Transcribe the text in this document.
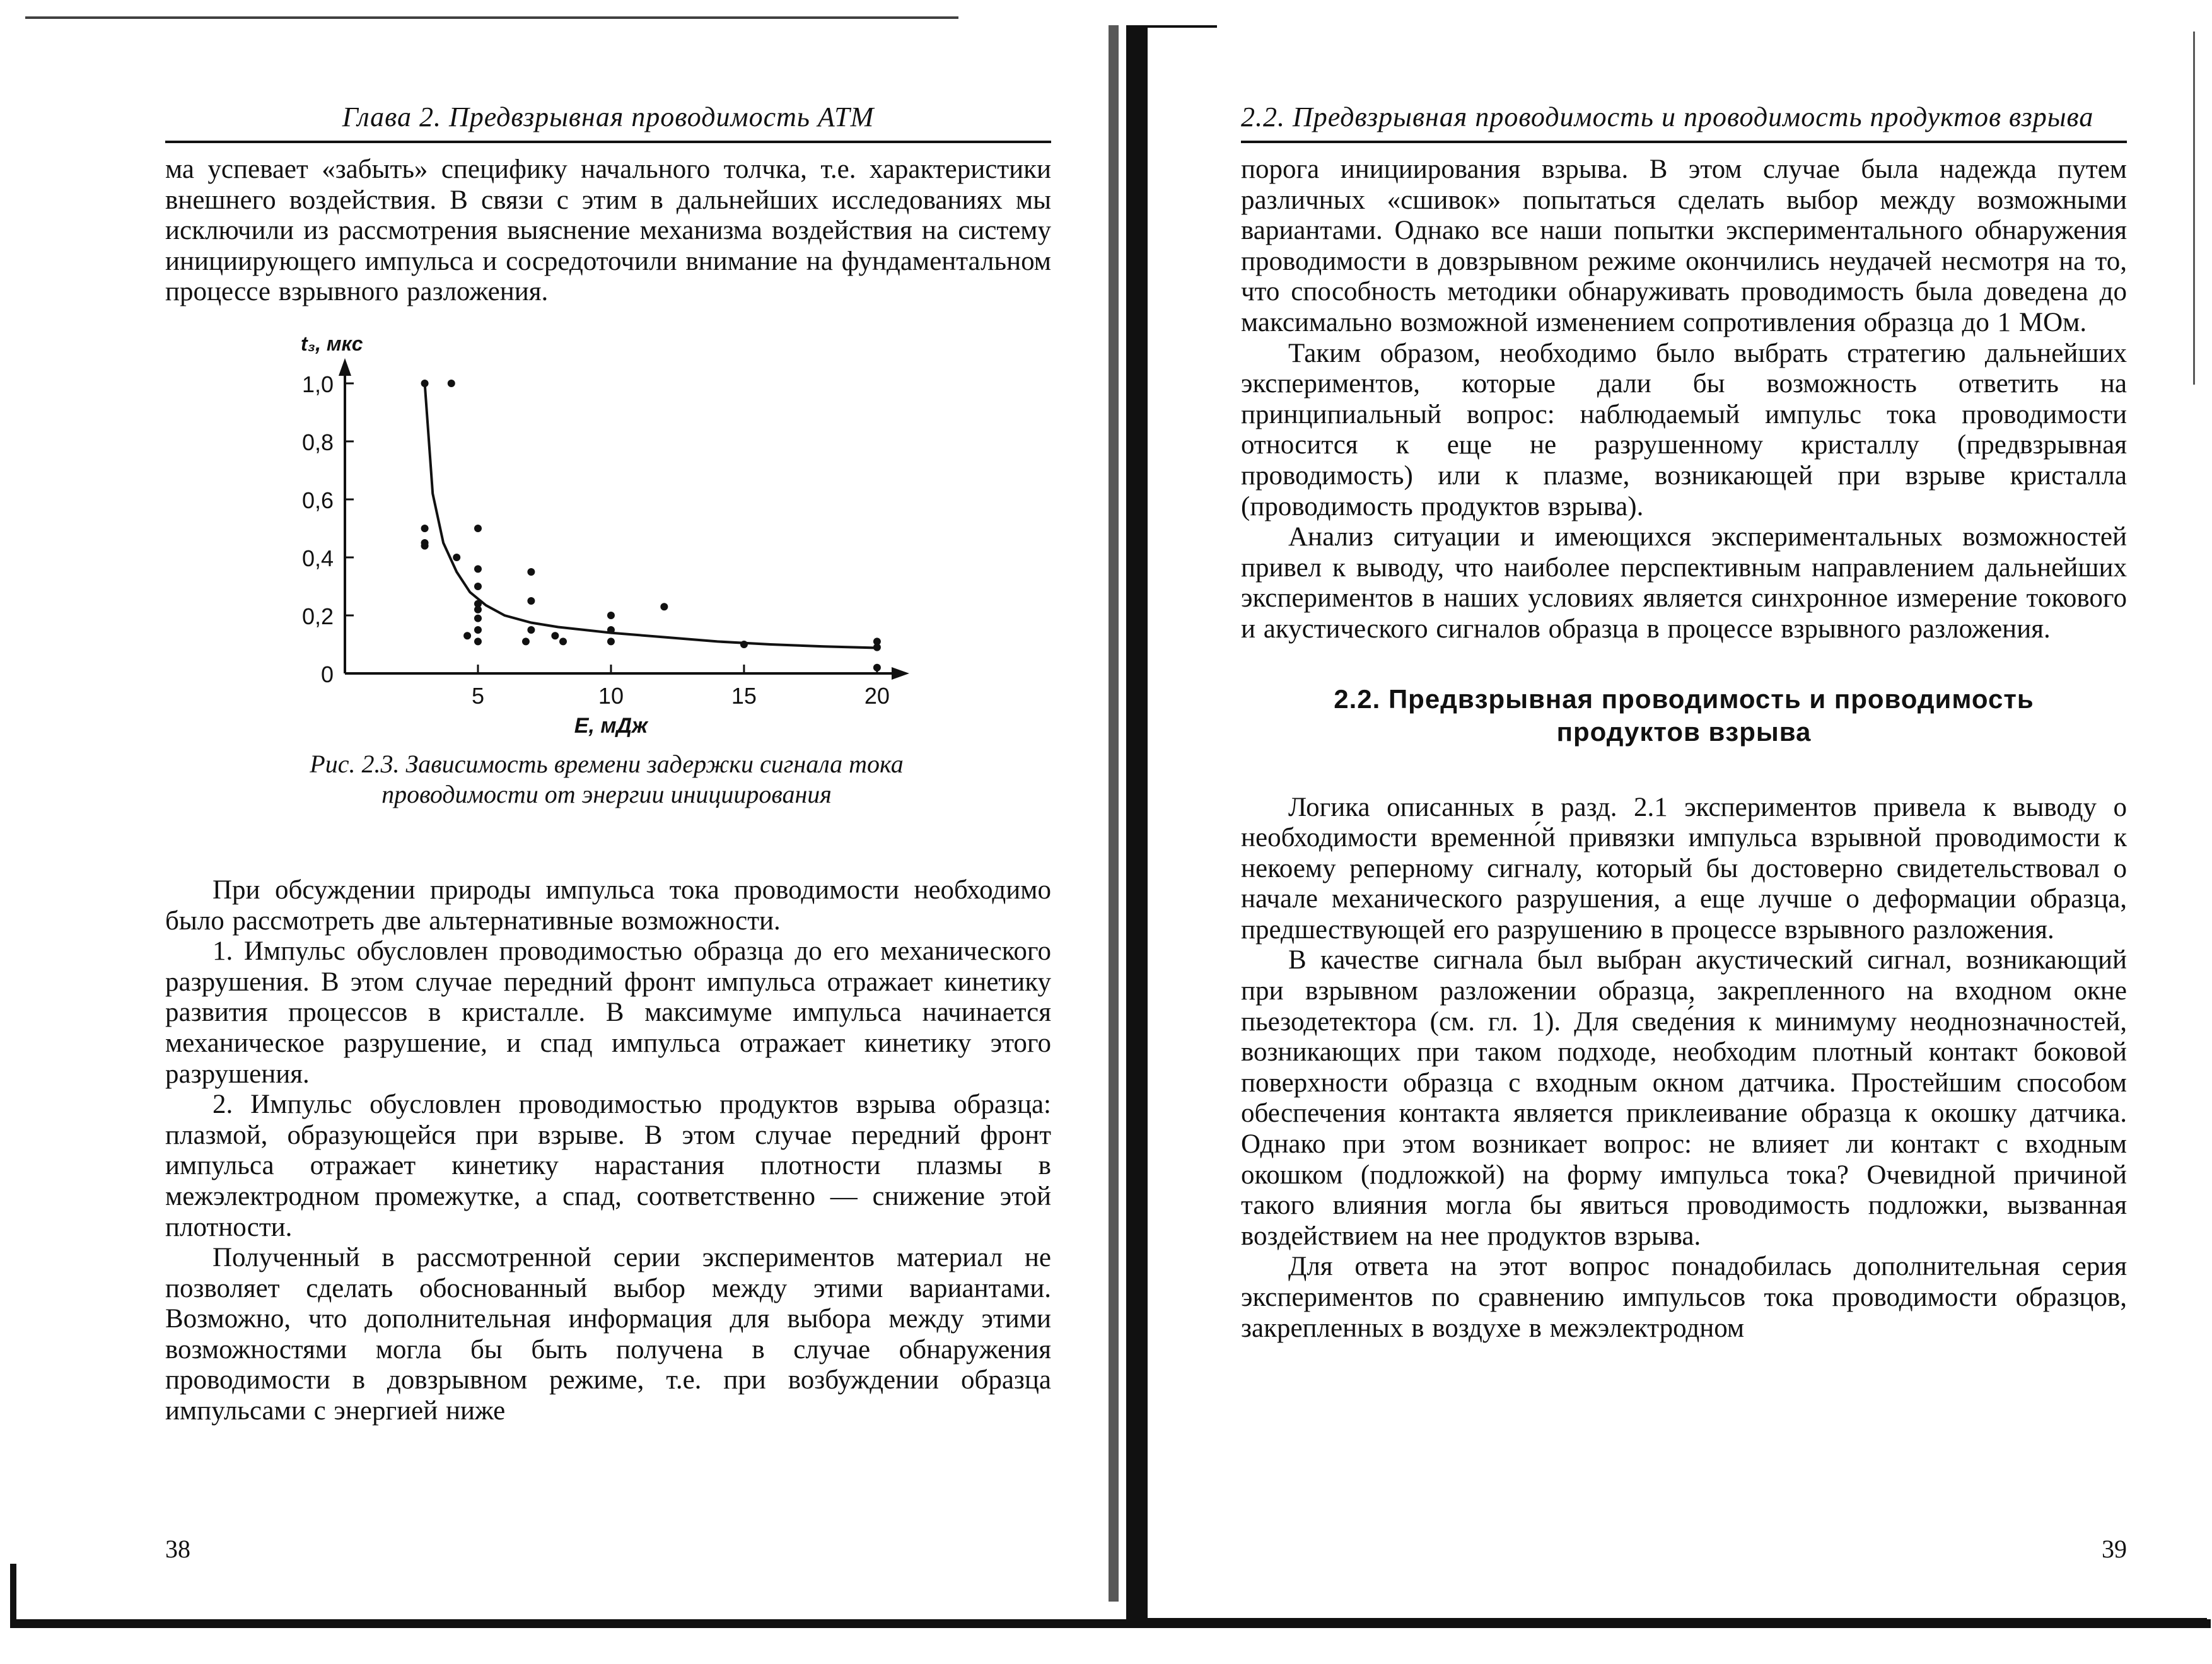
Глава 2. Предвзрывная проводимость АТМ

ма успевает «забыть» специфику начального толчка, т.е. характеристики внешнего воздействия. В связи с этим в дальнейших исследованиях мы исключили из рассмотрения выяснение механизма воздействия на систему инициирующего импульса и сосредоточили внимание на фундаментальном процессе взрывного разложения.

0
0,2
0,4
0,6
0,8
1,0
5	10	15	20
t₃, мкс
E, мДж
Рис. 2.3. Зависимость времени задержки сигнала тока проводимости от энергии инициирования

При обсуждении природы импульса тока проводимости необходимо было рассмотреть две альтернативные возможности.

1. Импульс обусловлен проводимостью образца до его механического разрушения. В этом случае передний фронт импульса отражает кинетику развития процессов в кристалле. В максимуме импульса начинается механическое разрушение, и спад импульса отражает кинетику этого разрушения.

2. Импульс обусловлен проводимостью продуктов взрыва образца: плазмой, образующейся при взрыве. В этом случае передний фронт импульса отражает кинетику нарастания плотности плазмы в межэлектродном промежутке, а спад, соответственно — снижение этой плотности.

Полученный в рассмотренной серии экспериментов материал не позволяет сделать обоснованный выбор между этими вариантами. Возможно, что дополнительная информация для выбора между этими возможностями могла бы быть получена в случае обнаружения проводимости в довзрывном режиме, т.е. при возбуждении образца импульсами с энергией ниже

38
2.2. Предвзрывная проводимость и проводимость продуктов взрыва

порога инициирования взрыва. В этом случае была надежда путем различных «сшивок» попытаться сделать выбор между возможными вариантами. Однако все наши попытки экспериментального обнаружения проводимости в довзрывном режиме окончились неудачей несмотря на то, что способность методики обнаруживать проводимость была доведена до максимально возможной изменением сопротивления образца до 1 МОм.

Таким образом, необходимо было выбрать стратегию дальнейших экспериментов, которые дали бы возможность ответить на принципиальный вопрос: наблюдаемый импульс тока проводимости относится к еще не разрушенному кристаллу (предвзрывная проводимость) или к плазме, возникающей при взрыве кристалла (проводимость продуктов взрыва).

Анализ ситуации и имеющихся экспериментальных возможностей привел к выводу, что наиболее перспективным направлением дальнейших экспериментов в наших условиях является синхронное измерение токового и акустического сигналов образца в процессе взрывного разложения.

2.2. Предвзрывная проводимость и проводимость продуктов взрыва

Логика описанных в разд. 2.1 экспериментов привела к выводу о необходимости временно́й привязки импульса взрывной проводимости к некоему реперному сигналу, который бы достоверно свидетельствовал о начале механического разрушения, а еще лучше о деформации образца, предшествующей его разрушению в процессе взрывного разложения.

В качестве сигнала был выбран акустический сигнал, возникающий при взрывном разложении образца, закрепленного на входном окне пьезодетектора (см. гл. 1). Для сведе́ния к минимуму неоднозначностей, возникающих при таком подходе, необходим плотный контакт боковой поверхности образца с входным окном датчика. Простейшим способом обеспечения контакта является приклеивание образца к окошку датчика. Однако при этом возникает вопрос: не влияет ли контакт с входным окошком (подложкой) на форму импульса тока? Очевидной причиной такого влияния могла бы явиться проводимость подложки, вызванная воздействием на нее продуктов взрыва.

Для ответа на этот вопрос понадобилась дополнительная серия экспериментов по сравнению импульсов тока проводимости образцов, закрепленных в воздухе в межэлектродном

39
